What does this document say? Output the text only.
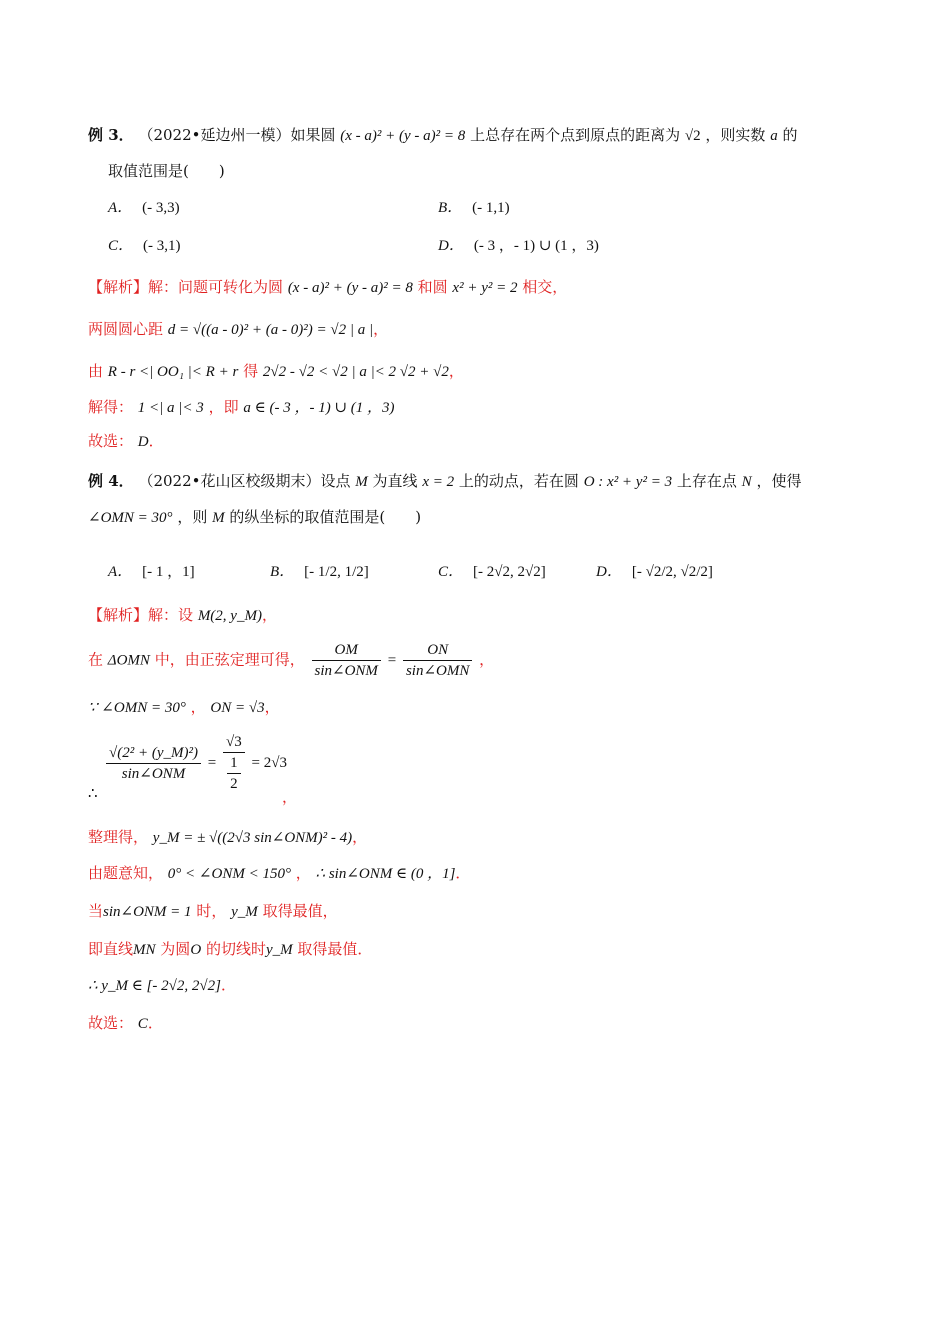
例 3． （2022•延边州一模）如果圆 (x - a)² + (y - a)² = 8 上总存在两个点到原点的距离为 √2 ，则实数 a 的
取值范围是(　　)
A． (- 3,3)	B． (- 1,1)
C． (- 3,1)	D． (- 3 ，- 1) ∪ (1 ，3)
【解析】解：问题可转化为圆 (x - a)² + (y - a)² = 8 和圆 x² + y² = 2 相交，
两圆圆心距 d = √((a - 0)² + (a - 0)²) = √2 | a |，
由 R - r <| OO₁ |< R + r 得 2√2 - √2 < √2 | a |< 2 √2 + √2，
解得： 1 <| a |< 3 ，即 a ∈ (- 3 ，- 1) ∪ (1 ，3)
故选： D．
例 4． （2022•花山区校级期末）设点 M 为直线 x = 2 上的动点，若在圆 O : x² + y² = 3 上存在点 N ，使得
∠OMN = 30° ，则 M 的纵坐标的取值范围是(　　)
A． [- 1 ，1]	B． [- 1/2, 1/2]	C． [- 2√2, 2√2]	D． [- √2/2, √2/2]
【解析】解：设 M(2, y_M)，
在 ΔOMN 中，由正弦定理可得， $\frac{OM}{\text{sin∠ONM}} = \frac{ON}{\text{sin∠OMN}}$ ，
∵ ∠OMN = 30° ， ON = √3，
$\frac{\text{√(2² + (y\_M)²)}}{\text{sin∠ONM}} = \frac{√3}{\frac{1}{2}} = 2√3$
∴	，
整理得， y_M = ± √((2√3 sin∠ONM)² - 4)，
由题意知， 0° < ∠ONM < 150° ， ∴ sin∠ONM ∈ (0 ，1]．
当sin∠ONM = 1 时， y_M 取得最值，
即直线MN 为圆O 的切线时y_M 取得最值．
∴ y_M ∈ [- 2√2, 2√2]．
故选： C．
